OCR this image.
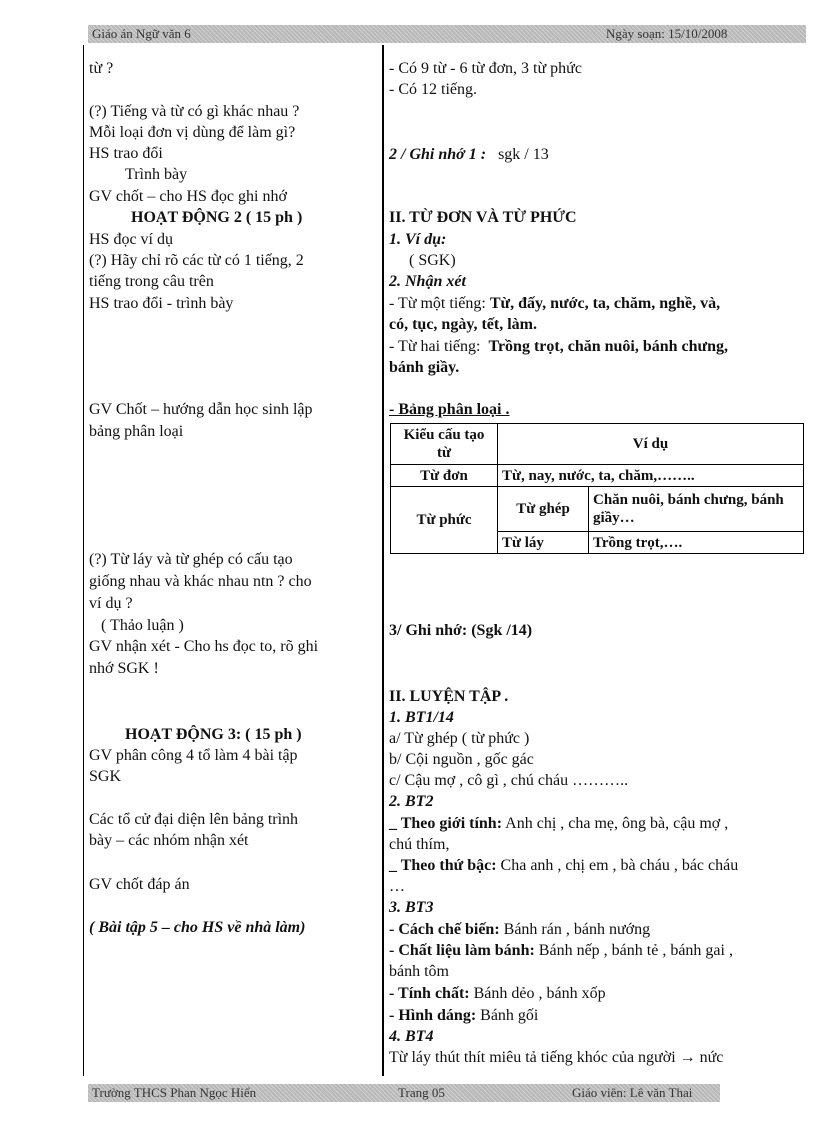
Giáo án Ngữ văn 6	Ngày soạn: 15/10/2008
từ ?
(?) Tiếng và từ có gì khác nhau ?
Mỗi loại đơn vị dùng để làm gì?
HS trao đổi
Trình bày
GV chốt – cho HS đọc ghi nhớ
HOẠT ĐỘNG 2 ( 15 ph )
HS đọc ví dụ
(?) Hãy chỉ rõ các từ có 1 tiếng, 2
tiếng trong câu trên
HS trao đổi - trình bày
GV Chốt – hướng dẫn học sinh lập
bảng phân loại
(?) Từ láy và từ ghép có cấu tạo
giống nhau và khác nhau ntn ? cho
ví dụ ?
( Thảo luận )
GV nhận xét - Cho hs đọc to, rõ ghi
nhớ SGK !
HOẠT ĐỘNG 3: ( 15 ph )
GV phân công 4 tổ làm 4 bài tập
SGK
Các tổ cử đại diện lên bảng trình
bày – các nhóm nhận xét
GV chốt đáp án
( Bài tập 5 – cho HS về nhà làm)
- Có 9 từ - 6 từ đơn, 3 từ phức
- Có 12 tiếng.
2 / Ghi nhớ 1 : sgk / 13
II. TỪ ĐƠN VÀ TỪ PHỨC
1. Ví dụ:
( SGK)
2. Nhận xét
- Từ một tiếng: Từ, đấy, nước, ta, chăm, nghề, và,
có, tục, ngày, tết, làm.
- Từ hai tiếng: Trồng trọt, chăn nuôi, bánh chưng,
bánh giầy.
- Bảng phân loại .
3/ Ghi nhớ: (Sgk /14)
II. LUYỆN TẬP .
1. BT1/14
a/ Từ ghép ( từ phức )
b/ Cội nguồn , gốc gác
c/ Cậu mợ , cô gì , chú cháu ………..
2. BT2
_ Theo giới tính: Anh chị , cha mẹ, ông bà, cậu mợ ,
chú thím,
_ Theo thứ bậc: Cha anh , chị em , bà cháu , bác cháu
…
3. BT3
- Cách chế biến: Bánh rán , bánh nướng
- Chất liệu làm bánh: Bánh nếp , bánh tẻ , bánh gai ,
bánh tôm
- Tính chất: Bánh dẻo , bánh xốp
- Hình dáng: Bánh gối
4. BT4
Từ láy thút thít miêu tả tiếng khóc của người → nức
Kiểu cấu tạo từ	Ví dụ	
Từ đơn	Từ, nay, nước, ta, chăm,……..	
Từ phức	Từ ghép	Chăn nuôi, bánh chưng, bánh giầy…
	Từ láy	Trồng trọt,….
Trường THCS Phan Ngọc Hiển	Trang 05	Giáo viên: Lê văn Thai
